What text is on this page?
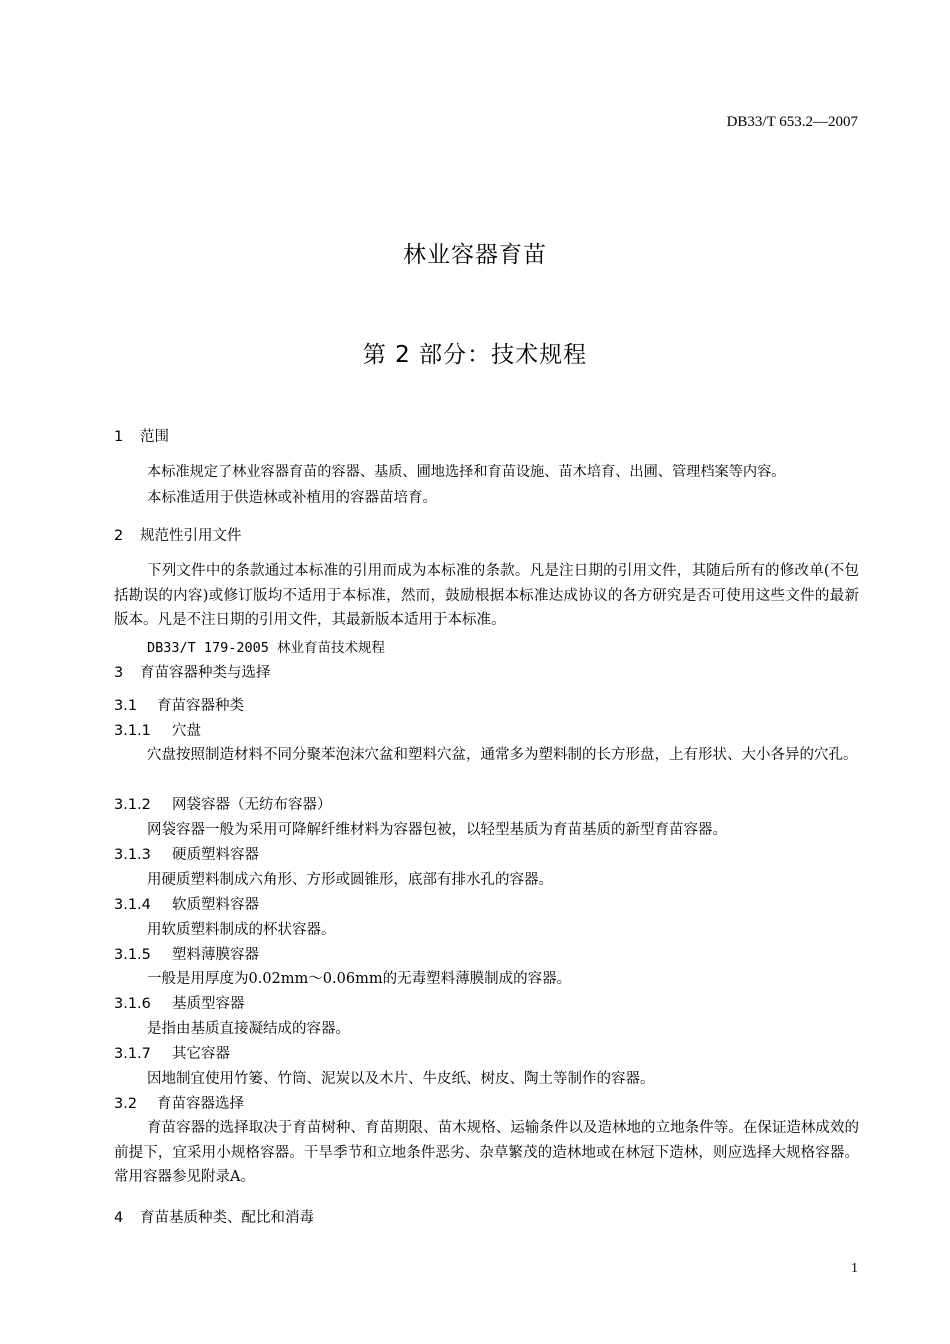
DB33/T 653.2—2007
林业容器育苗
第 2 部分：技术规程
1 范围
本标准规定了林业容器育苗的容器、基质、圃地选择和育苗设施、苗木培育、出圃、管理档案等内容。
本标准适用于供造林或补植用的容器苗培育。
2 规范性引用文件
下列文件中的条款通过本标准的引用而成为本标准的条款。凡是注日期的引用文件，其随后所有的修改单(不包括勘误的内容)或修订版均不适用于本标准，然而，鼓励根据本标准达成协议的各方研究是否可使用这些文件的最新版本。凡是不注日期的引用文件，其最新版本适用于本标准。
DB33/T 179-2005 林业育苗技术规程
3 育苗容器种类与选择
3.1 育苗容器种类
3.1.1 穴盘
穴盘按照制造材料不同分聚苯泡沫穴盆和塑料穴盆，通常多为塑料制的长方形盘，上有形状、大小各异的穴孔。
3.1.2 网袋容器（无纺布容器）
网袋容器一般为采用可降解纤维材料为容器包被，以轻型基质为育苗基质的新型育苗容器。
3.1.3 硬质塑料容器
用硬质塑料制成六角形、方形或圆锥形，底部有排水孔的容器。
3.1.4 软质塑料容器
用软质塑料制成的杯状容器。
3.1.5 塑料薄膜容器
一般是用厚度为0.02mm～0.06mm的无毒塑料薄膜制成的容器。
3.1.6 基质型容器
是指由基质直接凝结成的容器。
3.1.7 其它容器
因地制宜使用竹篓、竹筒、泥炭以及木片、牛皮纸、树皮、陶土等制作的容器。
3.2 育苗容器选择
育苗容器的选择取决于育苗树种、育苗期限、苗木规格、运输条件以及造林地的立地条件等。在保证造林成效的前提下，宜采用小规格容器。干旱季节和立地条件恶劣、杂草繁茂的造林地或在林冠下造林，则应选择大规格容器。常用容器参见附录A。
4 育苗基质种类、配比和消毒
1
